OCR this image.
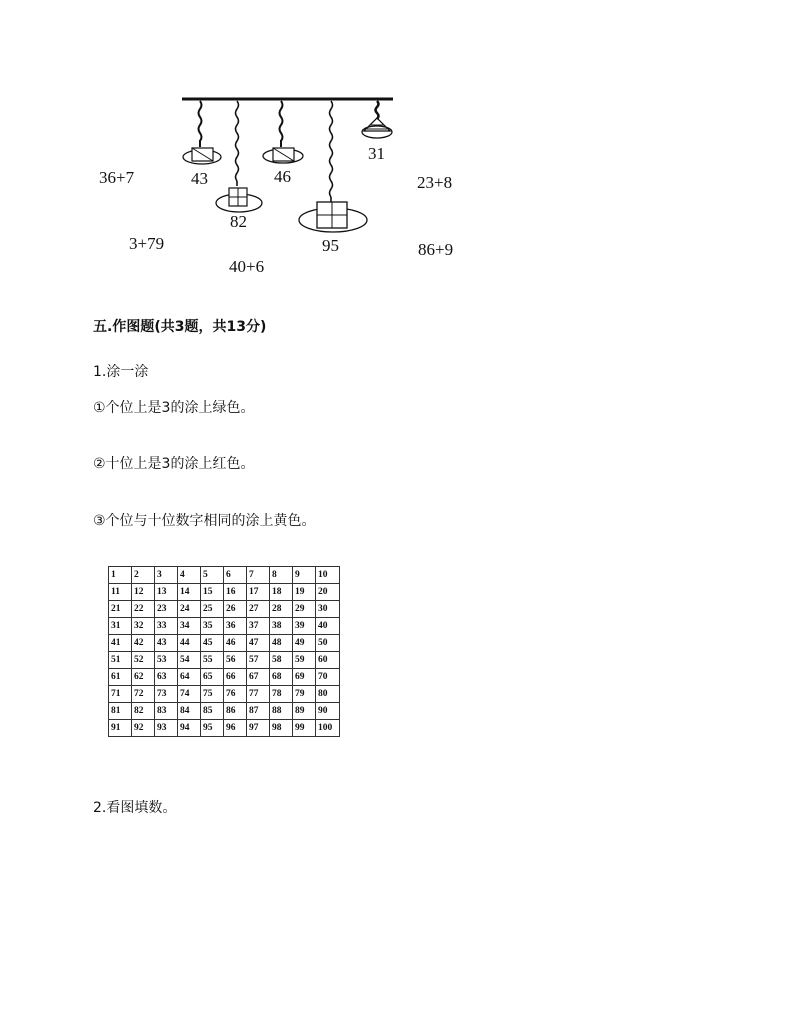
43
82
46
95
31
36+7	23+8
3+79	86+9
40+6
五.作图题(共3题，共13分)
1.涂一涂
①个位上是3的涂上绿色。
②十位上是3的涂上红色。
③个位与十位数字相同的涂上黄色。
1	2	3	4	5	6	7	8	9	10
11	12	13	14	15	16	17	18	19	20
21	22	23	24	25	26	27	28	29	30
31	32	33	34	35	36	37	38	39	40
41	42	43	44	45	46	47	48	49	50
51	52	53	54	55	56	57	58	59	60
61	62	63	64	65	66	67	68	69	70
71	72	73	74	75	76	77	78	79	80
81	82	83	84	85	86	87	88	89	90
91	92	93	94	95	96	97	98	99	100
2.看图填数。
